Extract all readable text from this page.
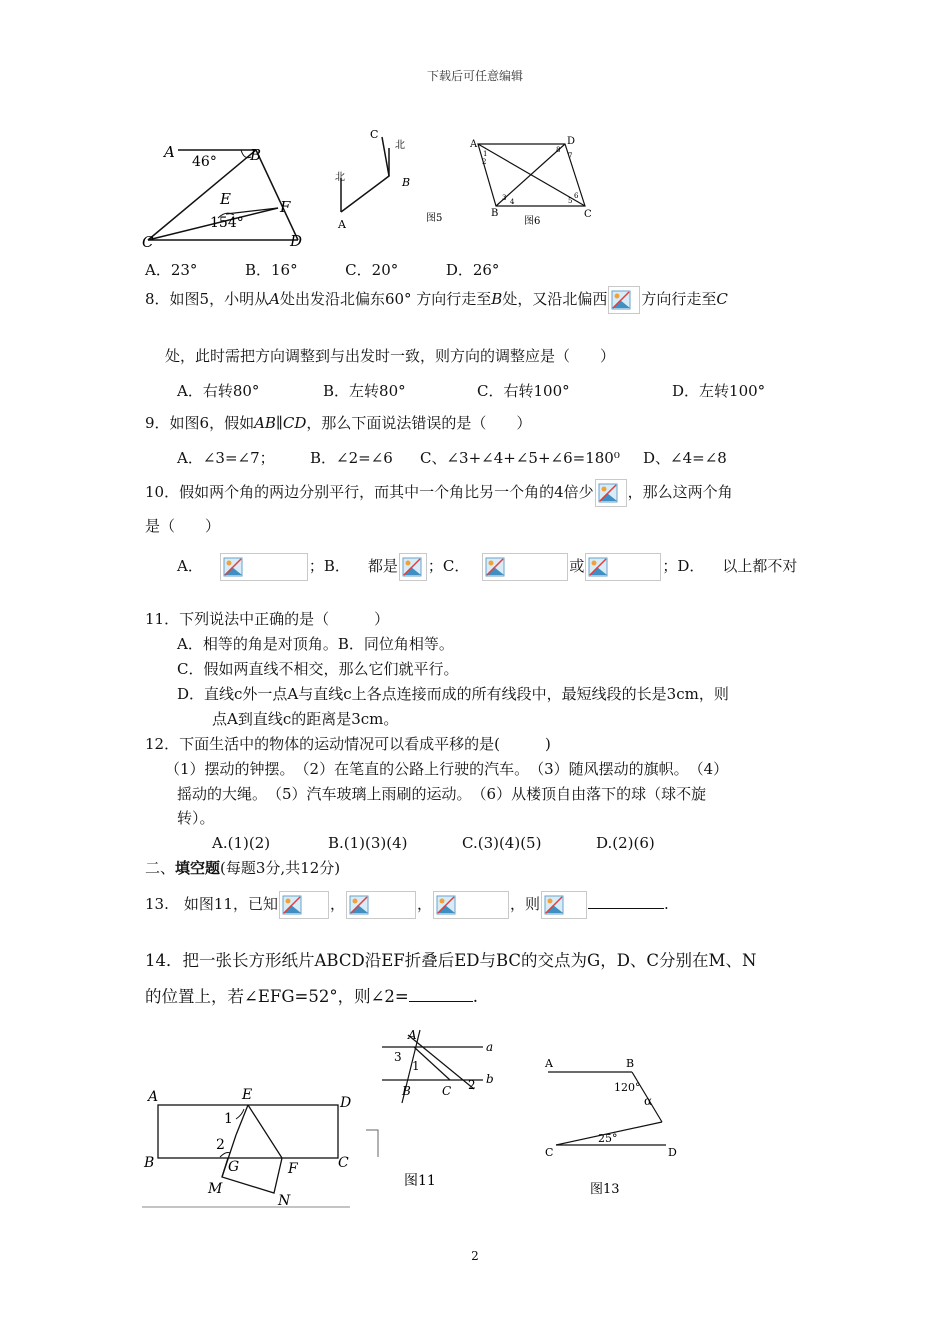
下载后可任意编辑
A	B
C	D
E	F
46°
154°
C
B
A
北
北
图5
A	D
B	C
1
2
3 4	5
6
7
8
图6
A．23°	B．16°	C．20°	D．26°
8．如图5，小明从A处出发沿北偏东60° 方向行走至B处，又沿北偏西 方向行走至C
处，此时需把方向调整到与出发时一致，则方向的调整应是（　　）
A．右转80°	B．左转80°	C．右转100°	D．左转100°
9．如图6，假如AB∥CD，那么下面说法错误的是（　　）
A．∠3=∠7； B．∠2=∠6 C、∠3+∠4+∠5+∠6=180⁰ D、∠4=∠8
10．假如两个角的两边分别平行，而其中一个角比另一个角的4倍少 ，那么这两个角
是（　　）
A．	；B． 都是 ；C．	或	；D． 以上都不对
11．下列说法中正确的是（　　　）
A．相等的角是对顶角。B．同位角相等。
C．假如两直线不相交，那么它们就平行。
D．直线c外一点A与直线c上各点连接而成的所有线段中，最短线段的长是3cm，则
点A到直线c的距离是3cm。
12．下面生活中的物体的运动情况可以看成平移的是(　　　)
（1）摆动的钟摆。　（2）在笔直的公路上行驶的汽车。　（3）随风摆动的旗帜。　（4）
摇动的大绳。　（5）汽车玻璃上雨刷的运动。　（6）从楼顶自由落下的球（球不旋
转）。
A.(1)(2)	B.(1)(3)(4)	C.(3)(4)(5)	D.(2)(6)
二、填空题(每题3分,共12分)
13.　如图11，已知	，	，	，则	.
14．把一张长方形纸片ABCD沿EF折叠后ED与BC的交点为G，D、C分别在M、N
的位置上，若∠EFG=52°，则∠2=	.
A	E	D
B	C
G	F
M
N
1
2
A
a
b
B	C
3
1
2
图11
A	B
C	D
120°
25°
α
图13
2
